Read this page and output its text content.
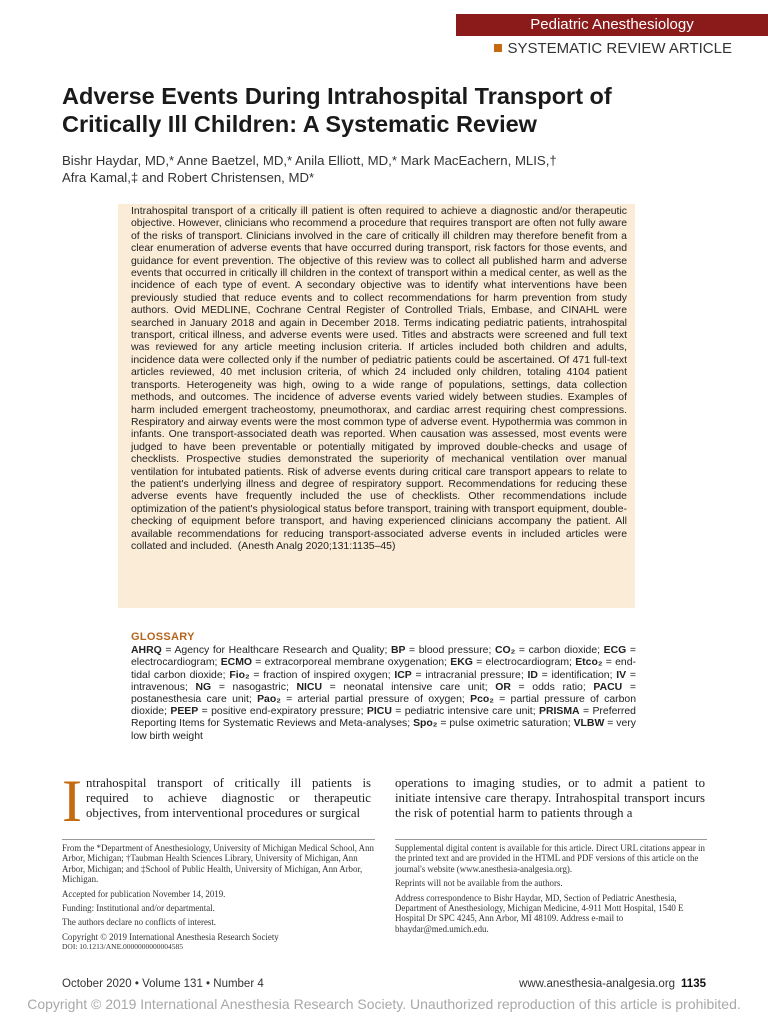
Pediatric Anesthesiology
SYSTEMATIC REVIEW ARTICLE
Adverse Events During Intrahospital Transport of Critically Ill Children: A Systematic Review
Bishr Haydar, MD,* Anne Baetzel, MD,* Anila Elliott, MD,* Mark MacEachern, MLIS,†
Afra Kamal,‡ and Robert Christensen, MD*
Intrahospital transport of a critically ill patient is often required to achieve a diagnostic and/or therapeutic objective. However, clinicians who recommend a procedure that requires transport are often not fully aware of the risks of transport. Clinicians involved in the care of critically ill children may therefore benefit from a clear enumeration of adverse events that have occurred during transport, risk factors for those events, and guidance for event prevention. The objective of this review was to collect all published harm and adverse events that occurred in critically ill children in the context of transport within a medical center, as well as the incidence of each type of event. A secondary objective was to identify what interventions have been previously studied that reduce events and to collect recommendations for harm prevention from study authors. Ovid MEDLINE, Cochrane Central Register of Controlled Trials, Embase, and CINAHL were searched in January 2018 and again in December 2018. Terms indicating pediatric patients, intrahospital transport, critical illness, and adverse events were used. Titles and abstracts were screened and full text was reviewed for any article meeting inclusion criteria. If articles included both children and adults, incidence data were collected only if the number of pediatric patients could be ascertained. Of 471 full-text articles reviewed, 40 met inclusion criteria, of which 24 included only children, totaling 4104 patient transports. Heterogeneity was high, owing to a wide range of populations, settings, data collection methods, and outcomes. The incidence of adverse events varied widely between studies. Examples of harm included emergent tracheostomy, pneumothorax, and cardiac arrest requiring chest compressions. Respiratory and airway events were the most common type of adverse event. Hypothermia was common in infants. One transport-associated death was reported. When causation was assessed, most events were judged to have been preventable or potentially mitigated by improved double-checks and usage of checklists. Prospective studies demonstrated the superiority of mechanical ventilation over manual ventilation for intubated patients. Risk of adverse events during critical care transport appears to relate to the patient's underlying illness and degree of respiratory support. Recommendations for reducing these adverse events have frequently included the use of checklists. Other recommendations include optimization of the patient's physiological status before transport, training with transport equipment, double-checking of equipment before transport, and having experienced clinicians accompany the patient. All available recommendations for reducing transport-associated adverse events in included articles were collated and included. (Anesth Analg 2020;131:1135–45)
GLOSSARY
AHRQ = Agency for Healthcare Research and Quality; BP = blood pressure; CO₂ = carbon dioxide; ECG = electrocardiogram; ECMO = extracorporeal membrane oxygenation; EKG = electrocardiogram; Etco₂ = end-tidal carbon dioxide; Fio₂ = fraction of inspired oxygen; ICP = intracranial pressure; ID = identification; IV = intravenous; NG = nasogastric; NICU = neonatal intensive care unit; OR = odds ratio; PACU = postanesthesia care unit; Pao₂ = arterial partial pressure of oxygen; Pco₂ = partial pressure of carbon dioxide; PEEP = positive end-expiratory pressure; PICU = pediatric intensive care unit; PRISMA = Preferred Reporting Items for Systematic Reviews and Meta-analyses; Spo₂ = pulse oximetric saturation; VLBW = very low birth weight
Intrahospital transport of critically ill patients is required to achieve diagnostic or therapeutic objectives, from interventional procedures or surgical
operations to imaging studies, or to admit a patient to initiate intensive care therapy. Intrahospital transport incurs the risk of potential harm to patients through a

From the *Department of Anesthesiology, University of Michigan Medical School, Ann Arbor, Michigan; †Taubman Health Sciences Library, University of Michigan, Ann Arbor, Michigan; and ‡School of Public Health, University of Michigan, Ann Arbor, Michigan.

Accepted for publication November 14, 2019.

Funding: Institutional and/or departmental.

The authors declare no conflicts of interest.

Copyright © 2019 International Anesthesia Research Society

DOI: 10.1213/ANE.0000000000004585

Supplemental digital content is available for this article. Direct URL citations appear in the printed text and are provided in the HTML and PDF versions of this article on the journal's website (www.anesthesia-analgesia.org).

Reprints will not be available from the authors.

Address correspondence to Bishr Haydar, MD, Section of Pediatric Anesthesia, Department of Anesthesiology, Michigan Medicine, 4-911 Mott Hospital, 1540 E Hospital Dr SPC 4245, Ann Arbor, MI 48109. Address e-mail to bhaydar@med.umich.edu.

October 2020 • Volume 131 • Number 4	www.anesthesia-analgesia.org 1135
Copyright © 2019 International Anesthesia Research Society. Unauthorized reproduction of this article is prohibited.
